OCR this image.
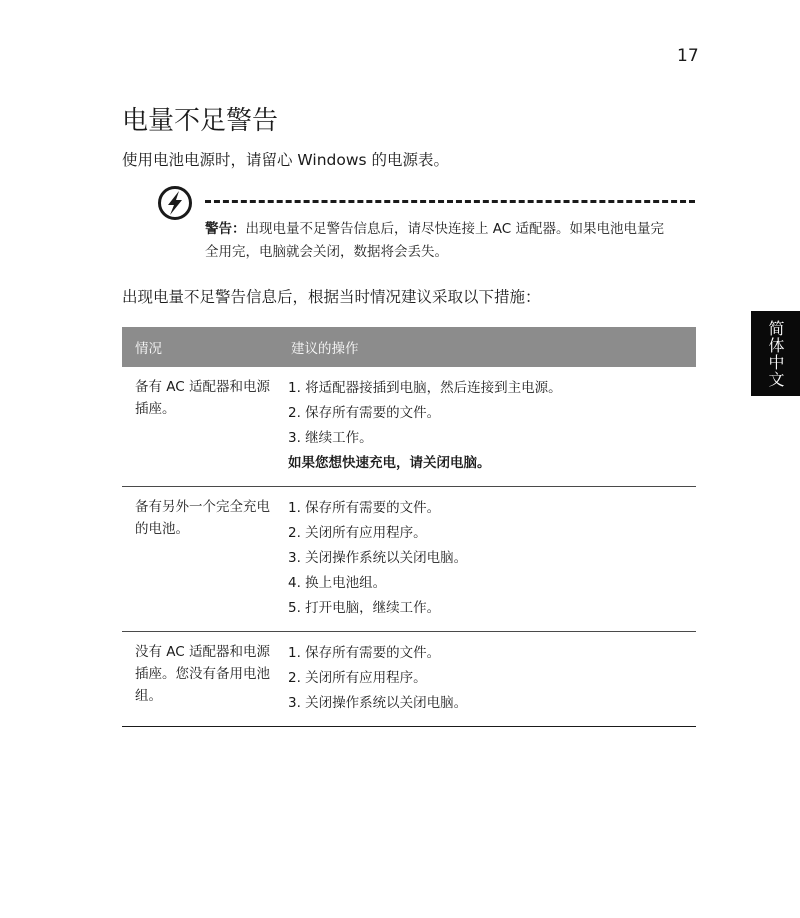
17
电量不足警告
使用电池电源时，请留心 Windows 的电源表。
警告：出现电量不足警告信息后，请尽快连接上 AC 适配器。如果电池电量完全用完，电脑就会关闭，数据将会丢失。
出现电量不足警告信息后，根据当时情况建议采取以下措施：
简体中文
情况	建议的操作
备有 AC 适配器和电源插座。	1. 将适配器接插到电脑，然后连接到主电源。
2. 保存所有需要的文件。
3. 继续工作。
如果您想快速充电，请关闭电脑。

备有另外一个完全充电的电池。	1. 保存所有需要的文件。
2. 关闭所有应用程序。
3. 关闭操作系统以关闭电脑。
4. 换上电池组。
5. 打开电脑，继续工作。

没有 AC 适配器和电源插座。您没有备用电池组。	1. 保存所有需要的文件。
2. 关闭所有应用程序。
3. 关闭操作系统以关闭电脑。
